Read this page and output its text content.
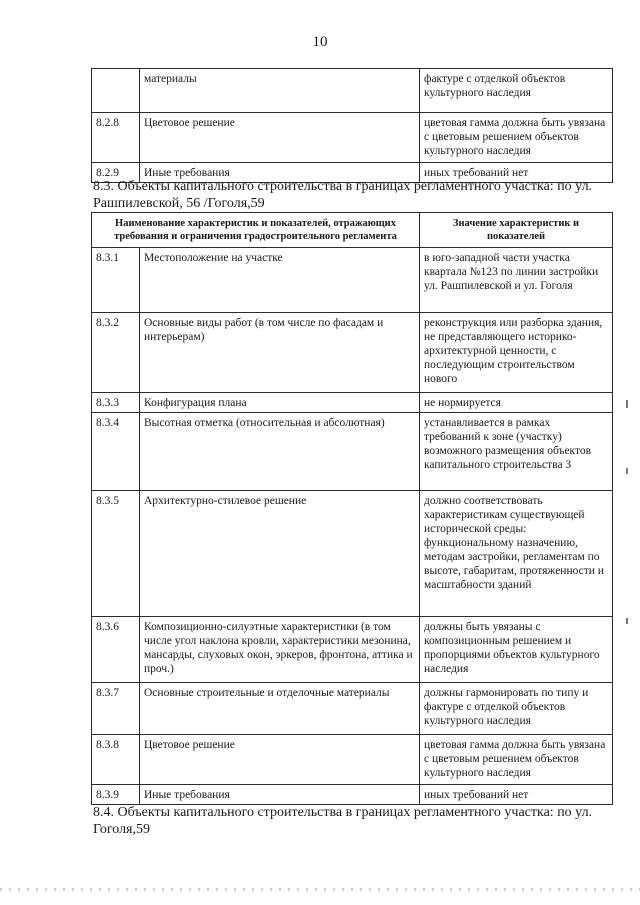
10
	материалы	фактуре с отделкой объектов культурного наследия
8.2.8	Цветовое решение	цветовая гамма должна быть увязана с цветовым решением объектов культурного наследия
8.2.9	Иные требования	иных требований нет
8.3. Объекты капитального строительства в границах регламентного участка: по ул. Рашпилевской, 56 /Гоголя,59
Наименование характеристик и показателей, отражающих требования и ограничения градостроительного регламента		Значение характеристик и показателей
8.3.1	Местоположение на участке	в юго-западной части участка квартала №123 по линии застройки ул. Рашпилевской и ул. Гоголя
8.3.2	Основные виды работ (в том числе по фасадам и интерьерам)	реконструкция или разборка здания, не представляющего историко-архитектурной ценности, с последующим строительством нового
8.3.3	Конфигурация плана	не нормируется
8.3.4	Высотная отметка (относительная и абсолютная)	устанавливается в рамках требований к зоне (участку) возможного размещения объектов капитального строительства 3
8.3.5	Архитектурно-стилевое решение	должно соответствовать характеристикам существующей исторической среды: функциональному назначению, методам застройки, регламентам по высоте, габаритам, протяженности и масштабности зданий
8.3.6	Композиционно-силуэтные характеристики (в том числе угол наклона кровли, характеристики мезонина, мансарды, слуховых окон, эркеров, фронтона, аттика и проч.)	должны быть увязаны с композиционным решением и пропорциями объектов культурного наследия
8.3.7	Основные строительные и отделочные материалы	должны гармонировать по типу и фактуре с отделкой объектов культурного наследия
8.3.8	Цветовое решение	цветовая гамма должна быть увязана с цветовым решением объектов культурного наследия
8.3.9	Иные требования	иных требований нет
8.4. Объекты капитального строительства в границах регламентного участка: по ул. Гоголя,59
